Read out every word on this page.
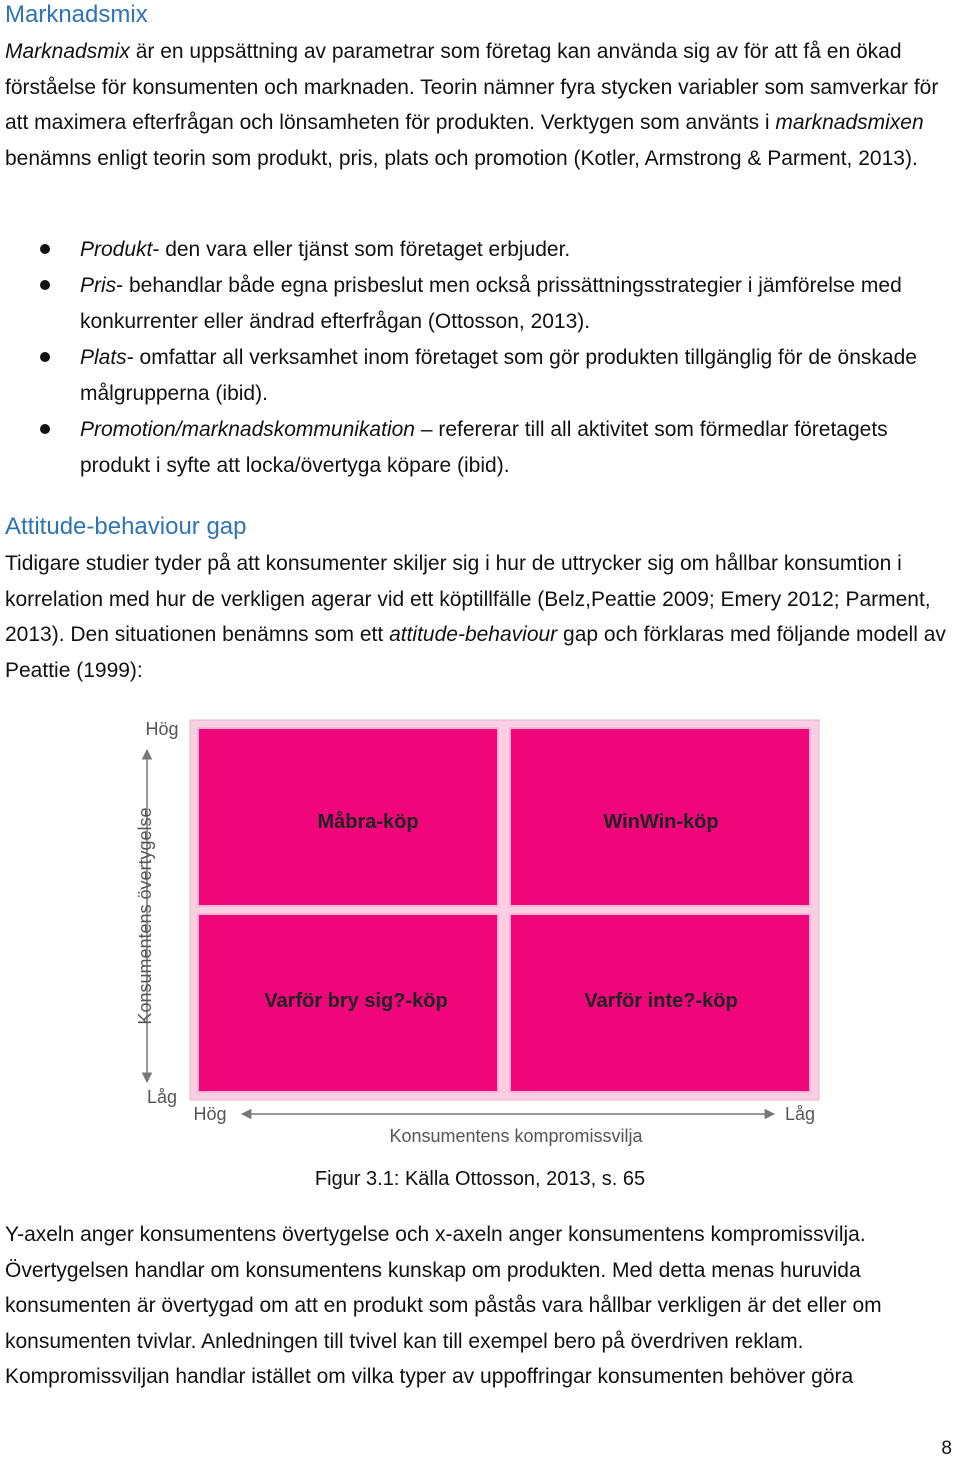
Marknadsmix

Marknadsmix är en uppsättning av parametrar som företag kan använda sig av för att få en ökad förståelse för konsumenten och marknaden. Teorin nämner fyra stycken variabler som samverkar för att maximera efterfrågan och lönsamheten för produkten. Verktygen som använts i marknadsmixen benämns enligt teorin som produkt, pris, plats och promotion (Kotler, Armstrong & Parment, 2013).

Produkt- den vara eller tjänst som företaget erbjuder.
Pris- behandlar både egna prisbeslut men också prissättningsstrategier i jämförelse med konkurrenter eller ändrad efterfrågan (Ottosson, 2013).
Plats- omfattar all verksamhet inom företaget som gör produkten tillgänglig för de önskade målgrupperna (ibid).
Promotion/marknadskommunikation – refererar till all aktivitet som förmedlar företagets produkt i syfte att locka/övertyga köpare (ibid).
Attitude-behaviour gap

Tidigare studier tyder på att konsumenter skiljer sig i hur de uttrycker sig om hållbar konsumtion i korrelation med hur de verkligen agerar vid ett köptillfälle (Belz,Peattie 2009; Emery 2012; Parment, 2013). Den situationen benämns som ett attitude-behaviour gap och förklaras med följande modell av Peattie (1999):

Måbra-köp	WinWin-köp
Varför bry sig?-köp	Varför inte?-köp
Hög
Låg
Konsumentens övertygelse
Hög	Låg
Konsumentens kompromissvilja
Figur 3.1: Källa Ottosson, 2013, s. 65

Y-axeln anger konsumentens övertygelse och x-axeln anger konsumentens kompromissvilja. Övertygelsen handlar om konsumentens kunskap om produkten. Med detta menas huruvida konsumenten är övertygad om att en produkt som påstås vara hållbar verkligen är det eller om konsumenten tvivlar. Anledningen till tvivel kan till exempel bero på överdriven reklam. Kompromissviljan handlar istället om vilka typer av uppoffringar konsumenten behöver göra

8
